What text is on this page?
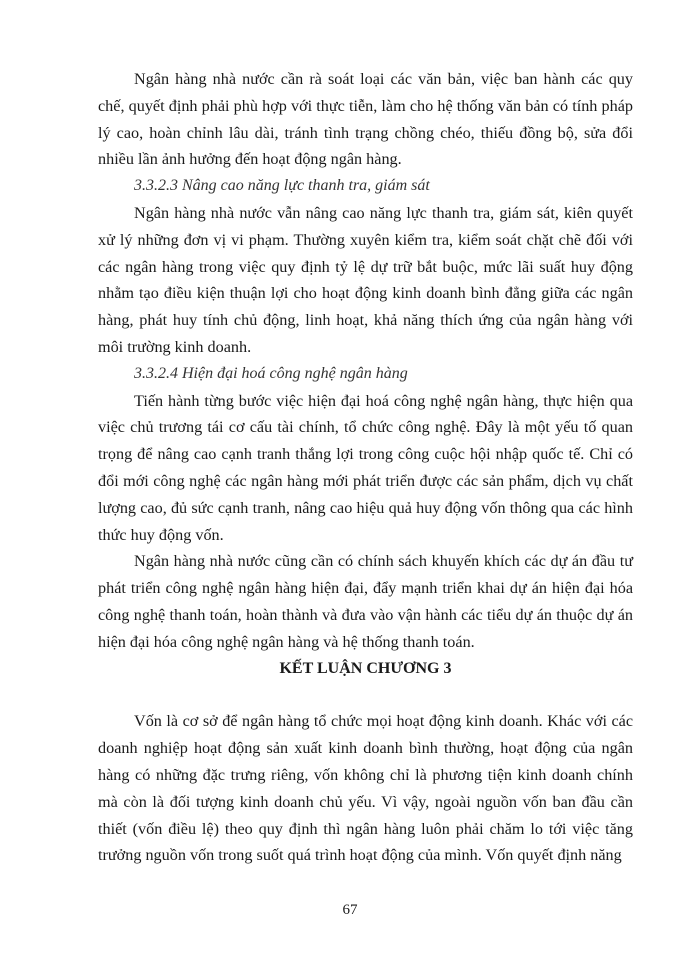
Ngân hàng nhà nước cần rà soát loại các văn bản, việc ban hành các quy chế, quyết định phải phù hợp với thực tiễn, làm cho hệ thống văn bản có tính pháp lý cao, hoàn chỉnh lâu dài, tránh tình trạng chồng chéo, thiếu đồng bộ, sửa đổi nhiều lần ảnh hưởng đến hoạt động ngân hàng.

3.3.2.3 Nâng cao năng lực thanh tra, giám sát

Ngân hàng nhà nước vẫn nâng cao năng lực thanh tra, giám sát, kiên quyết xử lý những đơn vị vi phạm. Thường xuyên kiểm tra, kiểm soát chặt chẽ đối với các ngân hàng trong việc quy định tỷ lệ dự trữ bắt buộc, mức lãi suất huy động nhằm tạo điều kiện thuận lợi cho hoạt động kinh doanh bình đẳng giữa các ngân hàng, phát huy tính chủ động, linh hoạt, khả năng thích ứng của ngân hàng với môi trường kinh doanh.

3.3.2.4 Hiện đại hoá công nghệ ngân hàng

Tiến hành từng bước việc hiện đại hoá công nghệ ngân hàng, thực hiện qua việc chủ trương tái cơ cấu tài chính, tổ chức công nghệ. Đây là một yếu tố quan trọng để nâng cao cạnh tranh thắng lợi trong công cuộc hội nhập quốc tế. Chỉ có đổi mới công nghệ các ngân hàng mới phát triển được các sản phẩm, dịch vụ chất lượng cao, đủ sức cạnh tranh, nâng cao hiệu quả huy động vốn thông qua các hình thức huy động vốn.

Ngân hàng nhà nước cũng cần có chính sách khuyến khích các dự án đầu tư phát triển công nghệ ngân hàng hiện đại, đẩy mạnh triển khai dự án hiện đại hóa công nghệ thanh toán, hoàn thành và đưa vào vận hành các tiểu dự án thuộc dự án hiện đại hóa công nghệ ngân hàng và hệ thống thanh toán.

KẾT LUẬN CHƯƠNG 3

Vốn là cơ sở để ngân hàng tổ chức mọi hoạt động kinh doanh. Khác với các doanh nghiệp hoạt động sản xuất kinh doanh bình thường, hoạt động của ngân hàng có những đặc trưng riêng, vốn không chỉ là phương tiện kinh doanh chính mà còn là đối tượng kinh doanh chủ yếu. Vì vậy, ngoài nguồn vốn ban đầu cần thiết (vốn điều lệ) theo quy định thì ngân hàng luôn phải chăm lo tới việc tăng trưởng nguồn vốn trong suốt quá trình hoạt động của mình. Vốn quyết định năng

67
